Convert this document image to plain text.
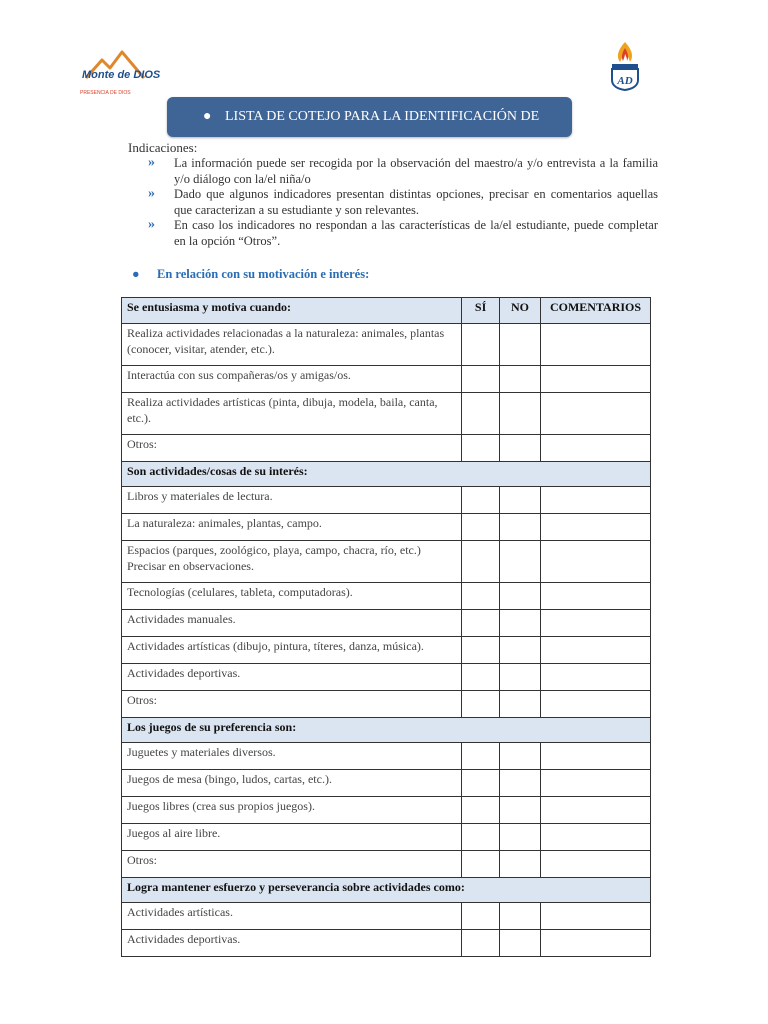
Monte de DIOS
PRESENCIA DE DIOS
AD
● LISTA DE COTEJO PARA LA IDENTIFICACIÓN DE
Indicaciones:
» La información puede ser recogida por la observación del maestro/a y/o entrevista a la familia y/o diálogo con la/el niña/o
» Dado que algunos indicadores presentan distintas opciones, precisar en comentarios aquellas que caracterizan a su estudiante y son relevantes.
» En caso los indicadores no respondan a las características de la/el estudiante, puede completar en la opción “Otros”.
● En relación con su motivación e interés:
Se entusiasma y motiva cuando:	SÍ	NO	COMENTARIOS
Realiza actividades relacionadas a la naturaleza: animales, plantas (conocer, visitar, atender, etc.).			
Interactúa con sus compañeras/os y amigas/os.			
Realiza actividades artísticas (pinta, dibuja, modela, baila, canta, etc.).			
Otros:			
Son actividades/cosas de su interés:			
Libros y materiales de lectura.			
La naturaleza: animales, plantas, campo.			
Espacios (parques, zoológico, playa, campo, chacra, río, etc.) Precisar en observaciones.			
Tecnologías (celulares, tableta, computadoras).			
Actividades manuales.			
Actividades artísticas (dibujo, pintura, títeres, danza, música).			
Actividades deportivas.			
Otros:			
Los juegos de su preferencia son:			
Juguetes y materiales diversos.			
Juegos de mesa (bingo, ludos, cartas, etc.).			
Juegos libres (crea sus propios juegos).			
Juegos al aire libre.			
Otros:			
Logra mantener esfuerzo y perseverancia sobre actividades como:			
Actividades artísticas.			
Actividades deportivas.			
